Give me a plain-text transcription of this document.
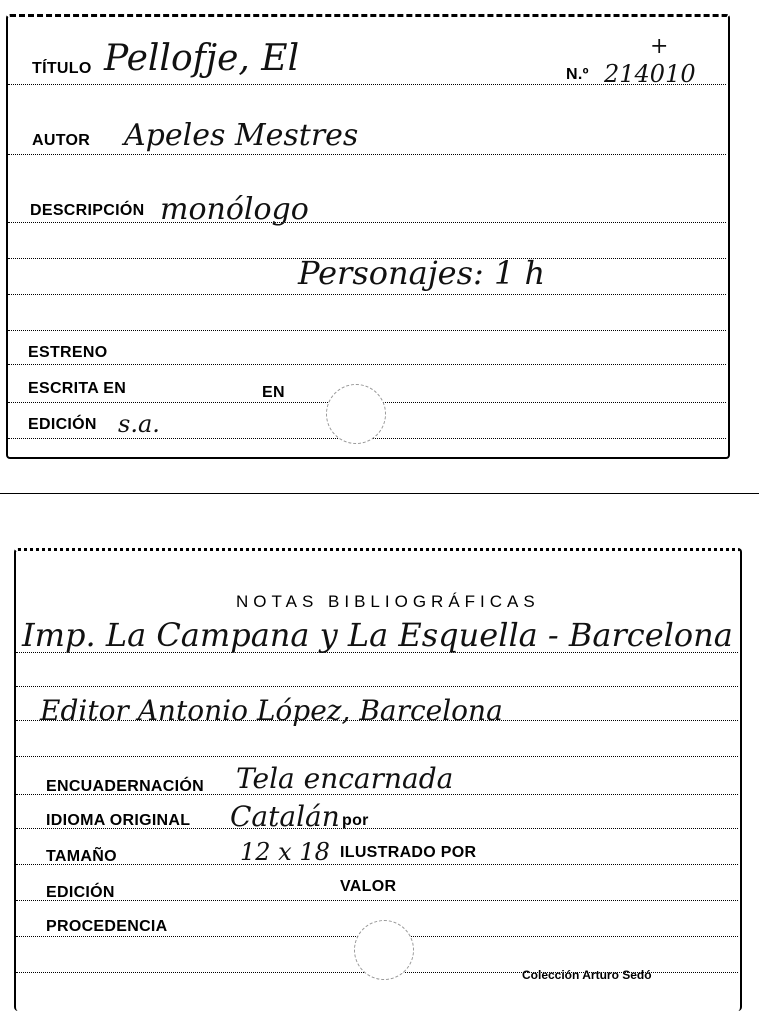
TÍTULO Pellofje, El	N.º 214010
+
AUTOR Apeles Mestres
DESCRIPCIÓN monólogo
Personajes: 1 h
ESTRENO
ESCRITA EN	EN
EDICIÓN s.a.
NOTAS BIBLIOGRÁFICAS
Imp. La Campana y La Esquella - Barcelona
Editor Antonio López, Barcelona
ENCUADERNACIÓN Tela encarnada
IDIOMA ORIGINAL Catalán por
TAMAÑO	12 x 18 ILUSTRADO POR
EDICIÓN	VALOR
PROCEDENCIA
Colección Arturo Sedó
